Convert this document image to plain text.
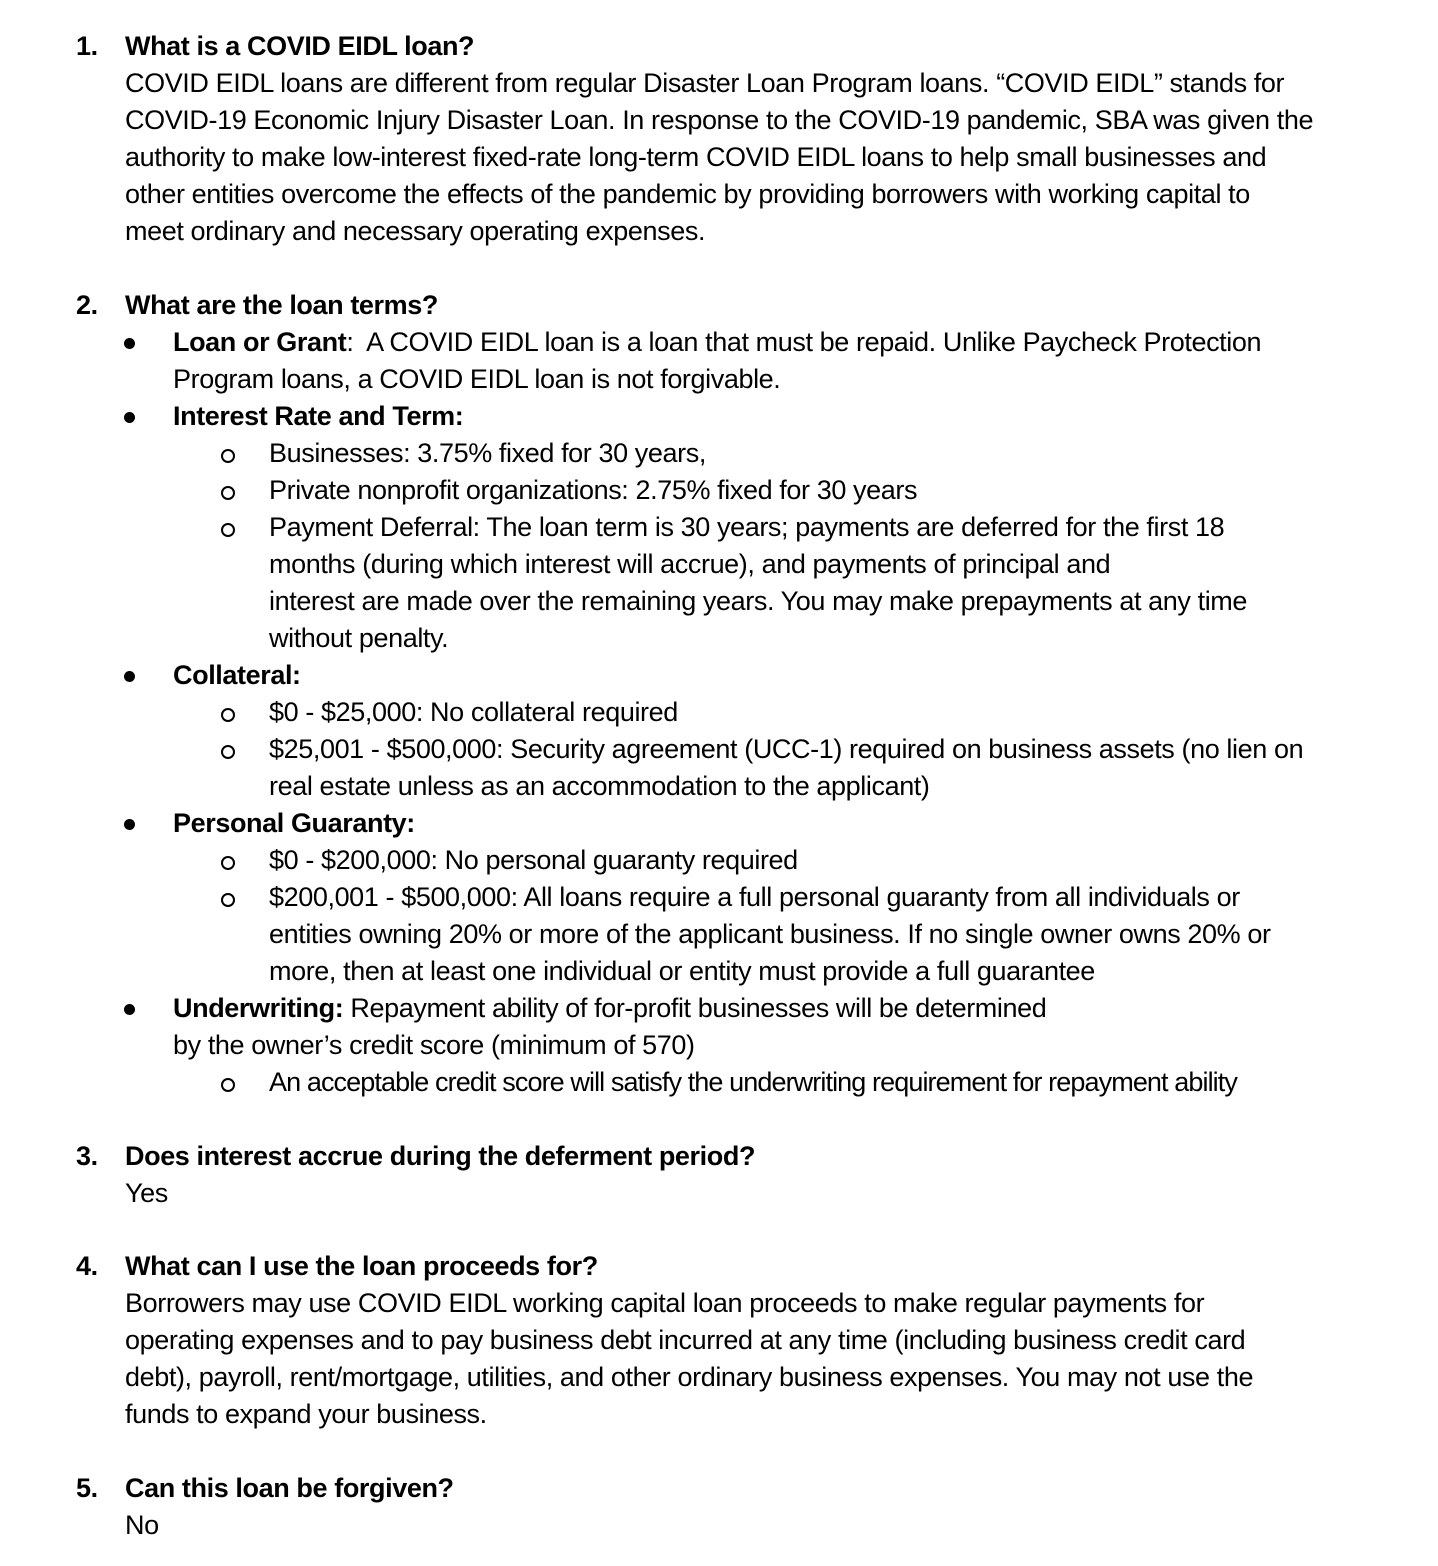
1. What is a COVID EIDL loan?
COVID EIDL loans are different from regular Disaster Loan Program loans. “COVID EIDL” stands for
COVID-19 Economic Injury Disaster Loan. In response to the COVID-19 pandemic, SBA was given the
authority to make low-interest fixed-rate long-term COVID EIDL loans to help small businesses and
other entities overcome the effects of the pandemic by providing borrowers with working capital to
meet ordinary and necessary operating expenses.
2. What are the loan terms?
Loan or Grant:  A COVID EIDL loan is a loan that must be repaid. Unlike Paycheck Protection
Program loans, a COVID EIDL loan is not forgivable.
Interest Rate and Term:
Businesses: 3.75% fixed for 30 years,
Private nonprofit organizations: 2.75% fixed for 30 years
Payment Deferral: The loan term is 30 years; payments are deferred for the first 18
months (during which interest will accrue), and payments of principal and
interest are made over the remaining years. You may make prepayments at any time
without penalty.
Collateral:
$0 - $25,000: No collateral required
$25,001 - $500,000: Security agreement (UCC-1) required on business assets (no lien on
real estate unless as an accommodation to the applicant)
Personal Guaranty:
$0 - $200,000: No personal guaranty required
$200,001 - $500,000: All loans require a full personal guaranty from all individuals or
entities owning 20% or more of the applicant business. If no single owner owns 20% or
more, then at least one individual or entity must provide a full guarantee
Underwriting: Repayment ability of for-profit businesses will be determined
by the owner’s credit score (minimum of 570)
An acceptable credit score will satisfy the underwriting requirement for repayment ability
3. Does interest accrue during the deferment period?
Yes
4. What can I use the loan proceeds for?
Borrowers may use COVID EIDL working capital loan proceeds to make regular payments for
operating expenses and to pay business debt incurred at any time (including business credit card
debt), payroll, rent/mortgage, utilities, and other ordinary business expenses. You may not use the
funds to expand your business.
5. Can this loan be forgiven?
No
